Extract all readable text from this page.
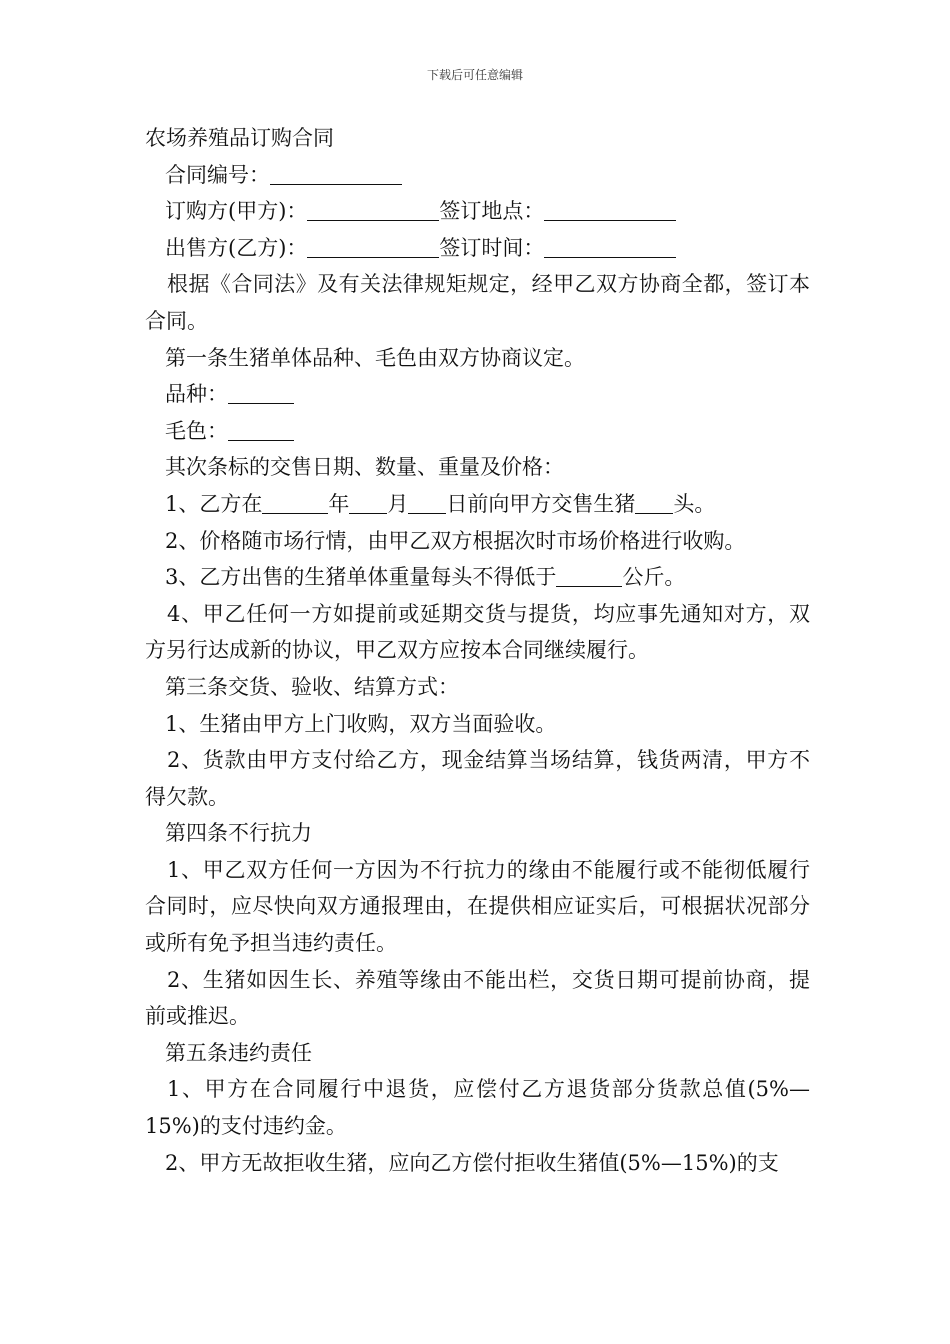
下载后可任意编辑

农场养殖品订购合同

合同编号：

订购方(甲方)：	签订地点：

出售方(乙方)：	签订时间：

根据《合同法》及有关法律规矩规定，经甲乙双方协商全都，签订本合同。

第一条生猪单体品种、毛色由双方协商议定。

品种：

毛色：

其次条标的交售日期、数量、重量及价格：

1、乙方在	年 月 日前向甲方交售生猪 头。

2、价格随市场行情，由甲乙双方根据次时市场价格进行收购。

3、乙方出售的生猪单体重量每头不得低于	公斤。

4、甲乙任何一方如提前或延期交货与提货，均应事先通知对方，双方另行达成新的协议，甲乙双方应按本合同继续履行。

第三条交货、验收、结算方式：

1、生猪由甲方上门收购，双方当面验收。

2、货款由甲方支付给乙方，现金结算当场结算，钱货两清，甲方不得欠款。

第四条不行抗力

1、甲乙双方任何一方因为不行抗力的缘由不能履行或不能彻低履行合同时，应尽快向双方通报理由，在提供相应证实后，可根据状况部分或所有免予担当违约责任。

2、生猪如因生长、养殖等缘由不能出栏，交货日期可提前协商，提前或推迟。

第五条违约责任

1、甲方在合同履行中退货，应偿付乙方退货部分货款总值(5%—15%)的支付违约金。

2、甲方无故拒收生猪，应向乙方偿付拒收生猪值(5%—15%)的支
